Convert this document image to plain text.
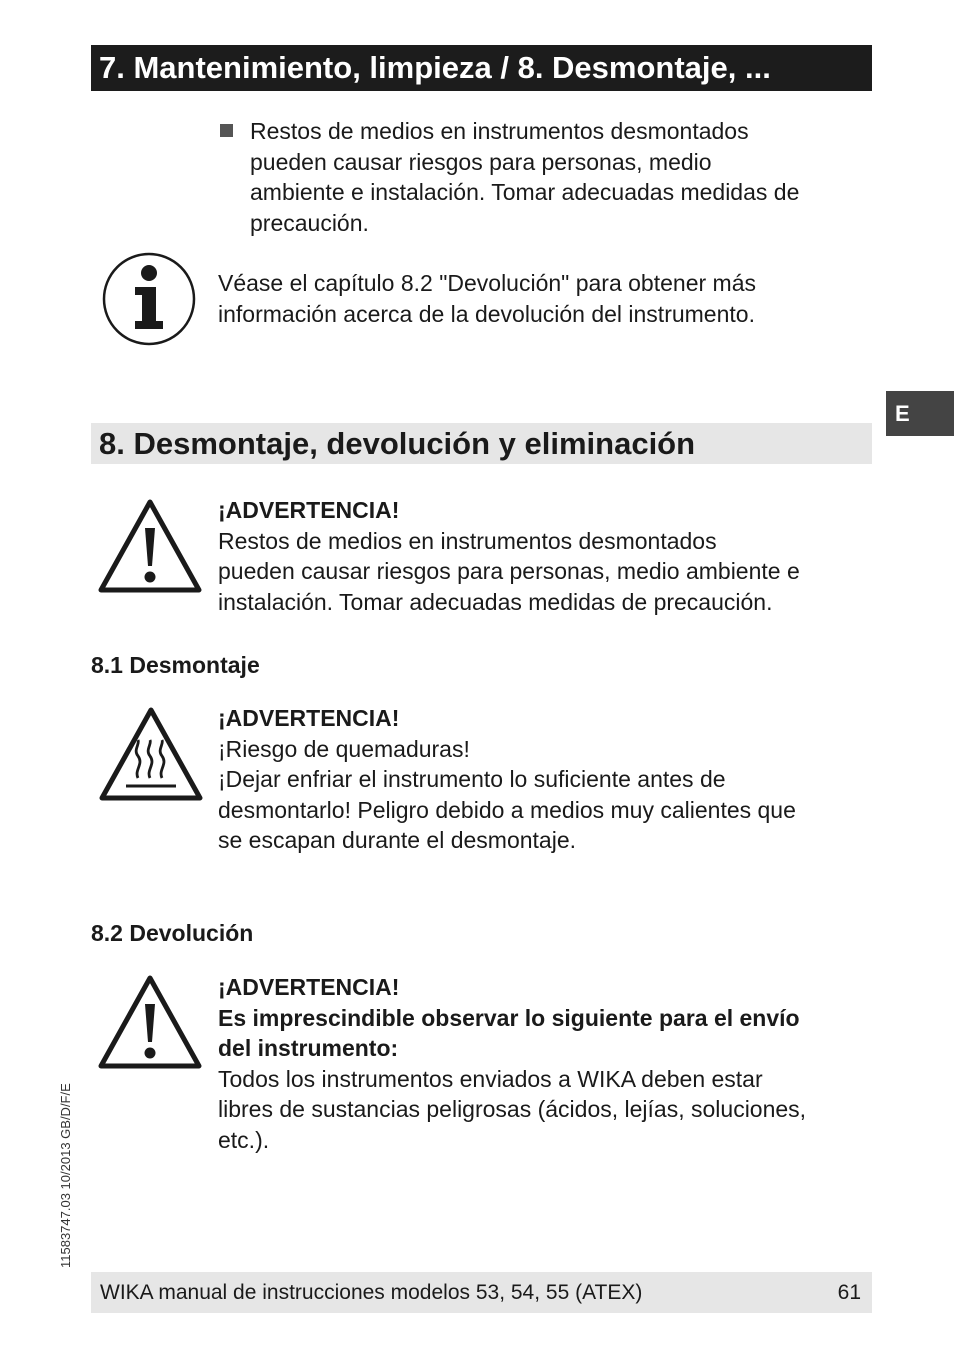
7. Mantenimiento, limpieza / 8. Desmontaje, ...
E
Restos de medios en instrumentos desmontados
pueden causar riesgos para personas, medio
ambiente e instalación. Tomar adecuadas medidas de
precaución.
Véase el capítulo 8.2 "Devolución" para obtener más
información acerca de la devolución del instrumento.
8. Desmontaje, devolución y eliminación
¡ADVERTENCIA!
Restos de medios en instrumentos desmontados
pueden causar riesgos para personas, medio ambiente e
instalación. Tomar adecuadas medidas de precaución.
8.1 Desmontaje
¡ADVERTENCIA!
¡Riesgo de quemaduras!
¡Dejar enfriar el instrumento lo suficiente antes de
desmontarlo! Peligro debido a medios muy calientes que
se escapan durante el desmontaje.
8.2 Devolución
¡ADVERTENCIA!
Es imprescindible observar lo siguiente para el envío
del instrumento:
Todos los instrumentos enviados a WIKA deben estar
libres de sustancias peligrosas (ácidos, lejías, soluciones,
etc.).
11583747.03 10/2013 GB/D/F/E
WIKA manual de instrucciones modelos 53, 54, 55 (ATEX)	61
